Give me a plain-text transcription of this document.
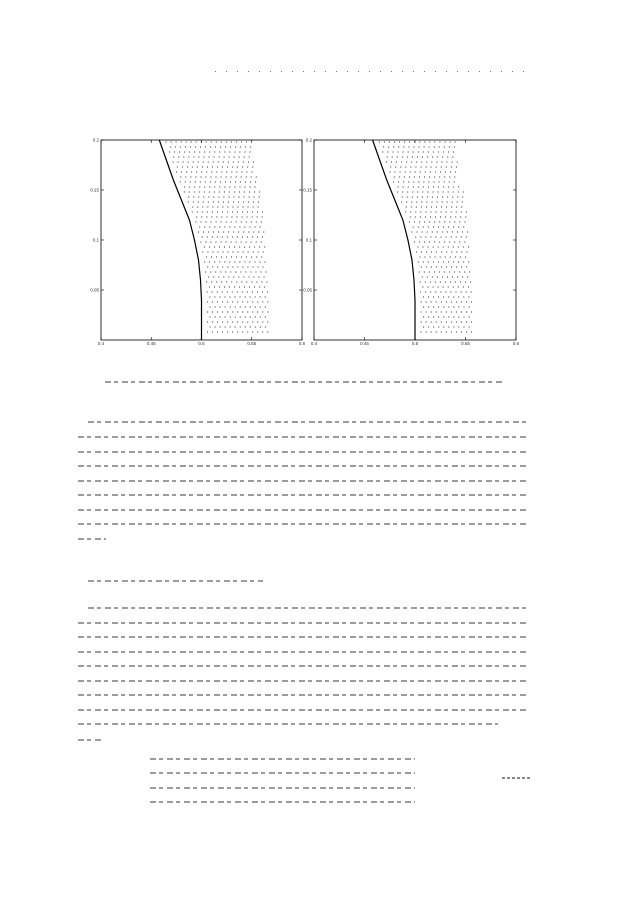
0.4	0.45	0.5	0.55	0.6
0.05
0.1
0.15
0.2
0.4	0.45	0.5	0.55	0.6
0.05
0.1
0.15
0.2
